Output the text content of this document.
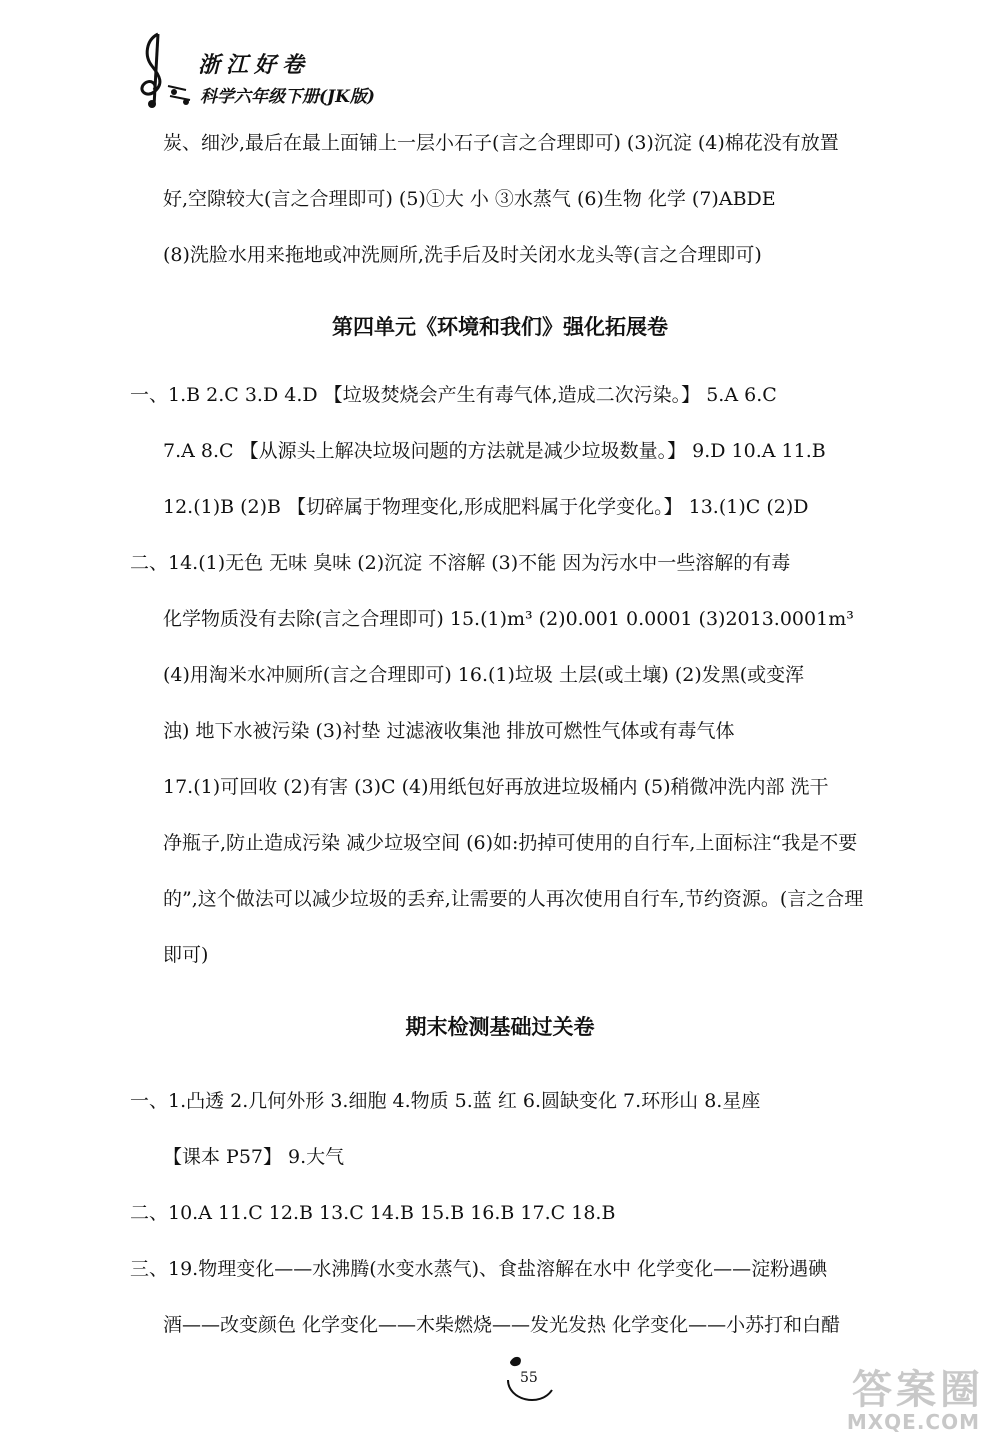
浙江好卷
科学六年级下册(JK版)
炭、细沙,最后在最上面铺上一层小石子(言之合理即可) (3)沉淀 (4)棉花没有放置
好,空隙较大(言之合理即可) (5)①大 小 ③水蒸气 (6)生物 化学 (7)ABDE
(8)洗脸水用来拖地或冲洗厕所,洗手后及时关闭水龙头等(言之合理即可)
第四单元《环境和我们》强化拓展卷
一、1.B 2.C 3.D 4.D 【垃圾焚烧会产生有毒气体,造成二次污染。】 5.A 6.C
7.A 8.C 【从源头上解决垃圾问题的方法就是减少垃圾数量。】 9.D 10.A 11.B
12.(1)B (2)B 【切碎属于物理变化,形成肥料属于化学变化。】 13.(1)C (2)D
二、14.(1)无色 无味 臭味 (2)沉淀 不溶解 (3)不能 因为污水中一些溶解的有毒
化学物质没有去除(言之合理即可) 15.(1)m³ (2)0.001 0.0001 (3)2013.0001m³
(4)用淘米水冲厕所(言之合理即可) 16.(1)垃圾 土层(或土壤) (2)发黑(或变浑
浊) 地下水被污染 (3)衬垫 过滤液收集池 排放可燃性气体或有毒气体
17.(1)可回收 (2)有害 (3)C (4)用纸包好再放进垃圾桶内 (5)稍微冲洗内部 洗干
净瓶子,防止造成污染 减少垃圾空间 (6)如:扔掉可使用的自行车,上面标注“我是不要
的”,这个做法可以减少垃圾的丢弃,让需要的人再次使用自行车,节约资源。(言之合理
即可)
期末检测基础过关卷
一、1.凸透 2.几何外形 3.细胞 4.物质 5.蓝 红 6.圆缺变化 7.环形山 8.星座
【课本 P57】 9.大气
二、10.A 11.C 12.B 13.C 14.B 15.B 16.B 17.C 18.B
三、19.物理变化——水沸腾(水变水蒸气)、食盐溶解在水中 化学变化——淀粉遇碘
酒——改变颜色 化学变化——木柴燃烧——发光发热 化学变化——小苏打和白醋
55	答案圈
MXQE.COM
